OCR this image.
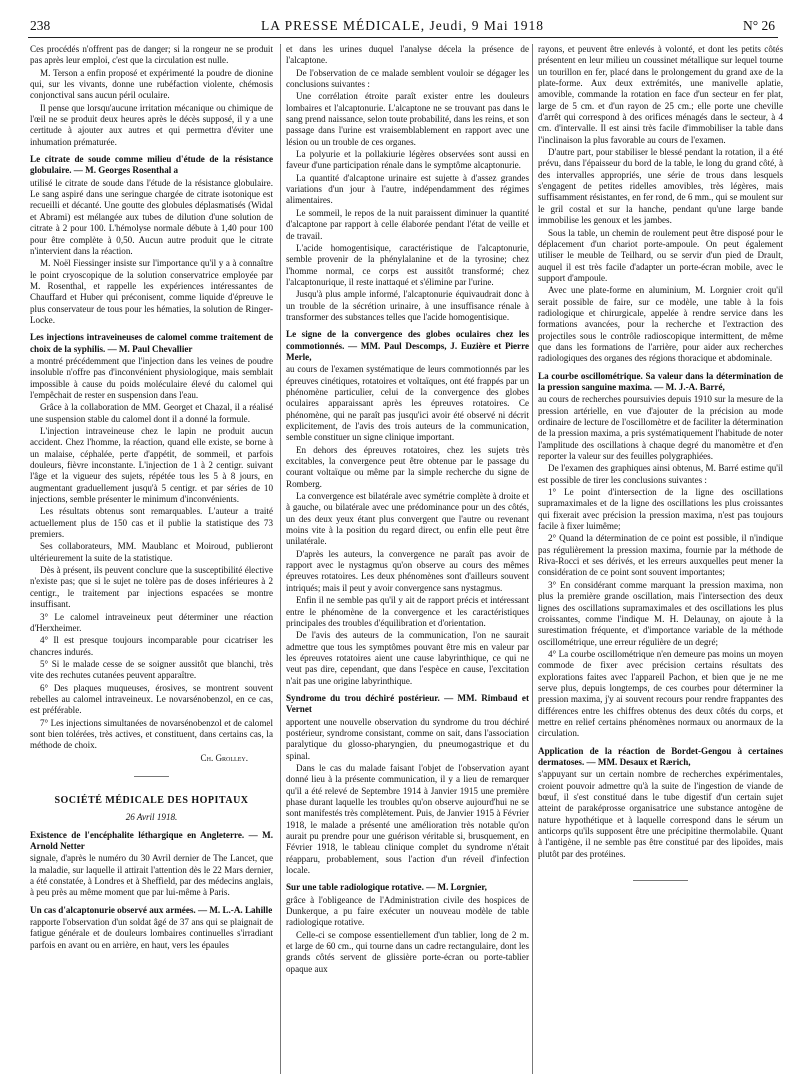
238	LA PRESSE MÉDICALE, Jeudi, 9 Mai 1918	N° 26

Ces procédés n'offrent pas de danger; si la rongeur ne se produit pas après leur emploi, c'est que la circulation est nulle.

M. Terson a enfin proposé et expérimenté la poudre de dionine qui, sur les vivants, donne une rubéfaction violente, chémosis conjonctival sans aucun péril oculaire.

Il pense que lorsqu'aucune irritation mécanique ou chimique de l'œil ne se produit deux heures après le décès supposé, il y a une certitude à ajouter aux autres et qui permettra d'éviter une inhumation prématurée.

Le citrate de soude comme milieu d'étude de la résistance globulaire. — M. Georges Rosenthal a

utilisé le citrate de soude dans l'étude de la résistance globulaire. Le sang aspiré dans une seringue chargée de citrate isotonique est recueilli et décanté. Une goutte des globules déplasmatisés (Widal et Abrami) est mélangée aux tubes de dilution d'une solution de citrate à 2 pour 100. L'hémolyse normale débute à 1,40 pour 100 pour être complète à 0,50. Aucun autre produit que le citrate n'intervient dans la réaction.

M. Noël Fiessinger insiste sur l'importance qu'il y a à connaître le point cryoscopique de la solution conservatrice employée par M. Rosenthal, et rappelle les expériences intéressantes de Chauffard et Huber qui préconisent, comme liquide d'épreuve le plus conservateur de tous pour les hématies, la solution de Ringer-Locke.

Les injections intraveineuses de calomel comme traitement de choix de la syphilis. — M. Paul Chevallier

a montré précédemment que l'injection dans les veines de poudre insoluble n'offre pas d'inconvénient physiologique, mais semblait impossible à cause du poids moléculaire élevé du calomel qui l'empêchait de rester en suspension dans l'eau.

Grâce à la collaboration de MM. Georget et Chazal, il a réalisé une suspension stable du calomel dont il a donné la formule.

L'injection intraveineuse chez le lapin ne produit aucun accident. Chez l'homme, la réaction, quand elle existe, se borne à un malaise, céphalée, perte d'appétit, de sommeil, et parfois douleurs, fièvre inconstante. L'injection de 1 à 2 centigr. suivant l'âge et la vigueur des sujets, répétée tous les 5 à 8 jours, en augmentant graduellement jusqu'à 5 centigr. et par séries de 10 injections, semble présenter le minimum d'inconvénients.

Les résultats obtenus sont remarquables. L'auteur a traité actuellement plus de 150 cas et il publie la statistique des 73 premiers.

Ses collaborateurs, MM. Maublanc et Moiroud, publieront ultérieurement la suite de la statistique.

Dès à présent, ils peuvent conclure que la susceptibilité élective n'existe pas; que si le sujet ne tolère pas de doses inférieures à 2 centigr., le traitement par injections espacées se montre insuffisant.

3° Le calomel intraveineux peut déterminer une réaction d'Herxheimer.

4° Il est presque toujours incomparable pour cicatriser les chancres indurés.

5° Si le malade cesse de se soigner aussitôt que blanchi, très vite des rechutes cutanées peuvent apparaître.

6° Des plaques muqueuses, érosives, se montrent souvent rebelles au calomel intraveineux. Le novarsénobenzol, en ce cas, est préférable.

7° Les injections simultanées de novarsénobenzol et de calomel sont bien tolérées, très actives, et constituent, dans certains cas, la méthode de choix.

Ch. Grolley.

SOCIÉTÉ MÉDICALE DES HOPITAUX

26 Avril 1918.

Existence de l'encéphalite léthargique en Angleterre. — M. Arnold Netter

signale, d'après le numéro du 30 Avril dernier de The Lancet, que la maladie, sur laquelle il attirait l'attention dès le 22 Mars dernier, a été constatée, à Londres et à Sheffield, par des médecins anglais, à peu près au même moment que par lui-même à Paris.

Un cas d'alcaptonurie observé aux armées. — M. L.-A. Lahille

rapporte l'observation d'un soldat âgé de 37 ans qui se plaignait de fatigue générale et de douleurs lombaires continuelles s'irradiant parfois en avant ou en arrière, en haut, vers les épaules

et dans les urines duquel l'analyse décela la présence de l'alcaptone.

De l'observation de ce malade semblent vouloir se dégager les conclusions suivantes :

Une corrélation étroite paraît exister entre les douleurs lombaires et l'alcaptonurie. L'alcaptone ne se trouvant pas dans le sang prend naissance, selon toute probabilité, dans les reins, et son passage dans l'urine est vraisemblablement en rapport avec une lésion ou un trouble de ces organes.

La polyurie et la pollakiurie légères observées sont aussi en faveur d'une participation rénale dans le symptôme alcaptonurie.

La quantité d'alcaptone urinaire est sujette à d'assez grandes variations d'un jour à l'autre, indépendamment des régimes alimentaires.

Le sommeil, le repos de la nuit paraissent diminuer la quantité d'alcaptone par rapport à celle élaborée pendant l'état de veille et de travail.

L'acide homogentisique, caractéristique de l'alcaptonurie, semble provenir de la phénylalanine et de la tyrosine; chez l'homme normal, ce corps est aussitôt transformé; chez l'alcaptonurique, il reste inattaqué et s'élimine par l'urine.

Jusqu'à plus ample informé, l'alcaptonurie équivaudrait donc à un trouble de la sécrétion urinaire, à une insuffisance rénale à transformer des substances telles que l'acide homogentisique.

Le signe de la convergence des globes oculaires chez les commotionnés. — MM. Paul Descomps, J. Euzière et Pierre Merle,

au cours de l'examen systématique de leurs commotionnés par les épreuves cinétiques, rotatoires et voltaïques, ont été frappés par un phénomène particulier, celui de la convergence des globes oculaires apparaissant après les épreuves rotatoires. Ce phénomène, qui ne paraît pas jusqu'ici avoir été observé ni décrit explicitement, de l'avis des trois auteurs de la communication, semble constituer un signe clinique important.

En dehors des épreuves rotatoires, chez les sujets très excitables, la convergence peut être obtenue par le passage du courant voltaïque ou même par la simple recherche du signe de Romberg.

La convergence est bilatérale avec symétrie complète à droite et à gauche, ou bilatérale avec une prédominance pour un des côtés, un des deux yeux étant plus convergent que l'autre ou revenant moins vite à la position du regard direct, ou enfin elle peut être unilatérale.

D'après les auteurs, la convergence ne paraît pas avoir de rapport avec le nystagmus qu'on observe au cours des mêmes épreuves rotatoires. Les deux phénomènes sont d'ailleurs souvent intriqués; mais il peut y avoir convergence sans nystagmus.

Enfin il ne semble pas qu'il y ait de rapport précis et intéressant entre le phénomène de la convergence et les caractéristiques principales des troubles d'équilibration et d'orientation.

De l'avis des auteurs de la communication, l'on ne saurait admettre que tous les symptômes pouvant être mis en valeur par les épreuves rotatoires aient une cause labyrinthique, ce qui ne veut pas dire, cependant, que dans l'espèce en cause, l'excitation n'ait pas une origine labyrinthique.

Syndrome du trou déchiré postérieur. — MM. Rimbaud et Vernet

apportent une nouvelle observation du syndrome du trou déchiré postérieur, syndrome consistant, comme on sait, dans l'association paralytique du glosso-pharyngien, du pneumogastrique et du spinal.

Dans le cas du malade faisant l'objet de l'observation ayant donné lieu à la présente communication, il y a lieu de remarquer qu'il a été relevé de Septembre 1914 à Janvier 1915 une première phase durant laquelle les troubles qu'on observe aujourd'hui ne se sont manifestés très complètement. Puis, de Janvier 1915 à Février 1918, le malade a présenté une amélioration très notable qu'on aurait pu prendre pour une guérison véritable si, brusquement, en Février 1918, le tableau clinique complet du syndrome n'était réapparu, probablement, sous l'action d'un réveil d'infection locale.

Sur une table radiologique rotative. — M. Lorgnier,

grâce à l'obligeance de l'Administration civile des hospices de Dunkerque, a pu faire exécuter un nouveau modèle de table radiologique rotative.

Celle-ci se compose essentiellement d'un tablier, long de 2 m. et large de 60 cm., qui tourne dans un cadre rectangulaire, dont les grands côtés servent de glissière porte-écran ou porte-tablier opaque aux

rayons, et peuvent être enlevés à volonté, et dont les petits côtés présentent en leur milieu un coussinet métallique sur lequel tourne un tourillon en fer, placé dans le prolongement du grand axe de la plate-forme. Aux deux extrémités, une manivelle aplatie, amovible, commande la rotation en face d'un secteur en fer plat, large de 5 cm. et d'un rayon de 25 cm.; elle porte une cheville d'arrêt qui correspond à des orifices ménagés dans le secteur, à 4 cm. d'intervalle. Il est ainsi très facile d'immobiliser la table dans l'inclinaison la plus favorable au cours de l'examen.

D'autre part, pour stabiliser le blessé pendant la rotation, il a été prévu, dans l'épaisseur du bord de la table, le long du grand côté, à des intervalles appropriés, une série de trous dans lesquels s'engagent de petites ridelles amovibles, très légères, mais suffisamment résistantes, en fer rond, de 6 mm., qui se moulent sur le gril costal et sur la hanche, pendant qu'une large bande immobilise les genoux et les jambes.

Sous la table, un chemin de roulement peut être disposé pour le déplacement d'un chariot porte-ampoule. On peut également utiliser le meuble de Teilhard, ou se servir d'un pied de Drault, auquel il est très facile d'adapter un porte-écran mobile, avec le support d'ampoule.

Avec une plate-forme en aluminium, M. Lorgnier croit qu'il serait possible de faire, sur ce modèle, une table à la fois radiologique et chirurgicale, appelée à rendre service dans les formations avancées, pour la recherche et l'extraction des projectiles sous le contrôle radioscopique intermittent, de même que dans les formations de l'arrière, pour aider aux recherches radiologiques des organes des régions thoracique et abdominale.

La courbe oscillométrique. Sa valeur dans la détermination de la pression sanguine maxima. — M. J.-A. Barré,

au cours de recherches poursuivies depuis 1910 sur la mesure de la pression artérielle, en vue d'ajouter de la précision au mode ordinaire de lecture de l'oscillomètre et de faciliter la détermination de la pression maxima, a pris systématiquement l'habitude de noter l'amplitude des oscillations à chaque degré du manomètre et d'en reporter la valeur sur des feuilles polygraphiées.

De l'examen des graphiques ainsi obtenus, M. Barré estime qu'il est possible de tirer les conclusions suivantes :

1° Le point d'intersection de la ligne des oscillations supramaximales et de la ligne des oscillations les plus croissantes qui fixerait avec précision la pression maxima, n'est pas toujours facile à fixer luimême;

2° Quand la détermination de ce point est possible, il n'indique pas régulièrement la pression maxima, fournie par la méthode de Riva-Rocci et ses dérivés, et les erreurs auxquelles peut mener la considération de ce point sont souvent importantes;

3° En considérant comme marquant la pression maxima, non plus la première grande oscillation, mais l'intersection des deux lignes des oscillations supramaximales et des oscillations les plus croissantes, comme l'indique M. H. Delaunay, on ajoute à la surestimation fréquente, et d'importance variable de la méthode oscillométrique, une erreur régulière de un degré;

4° La courbe oscillométrique n'en demeure pas moins un moyen commode de fixer avec précision certains résultats des explorations faites avec l'appareil Pachon, et bien que je ne me serve plus, depuis longtemps, de ces courbes pour déterminer la pression maxima, j'y ai souvent recours pour rendre frappantes des différences entre les chiffres obtenus des deux côtés du corps, et mettre en relief certains phénomènes normaux ou anormaux de la circulation.

Application de la réaction de Bordet-Gengou à certaines dermatoses. — MM. Desaux et Rærich,

s'appuyant sur un certain nombre de recherches expérimentales, croient pouvoir admettre qu'à la suite de l'ingestion de viande de bœuf, il s'est constitué dans le tube digestif d'un certain sujet atteint de paraképrosse organisatrice une substance antogène de nature hypothétique et à laquelle correspond dans le sérum un anticorps qu'ils supposent être une précipitine thermolabile. Quant à l'antigène, il ne semble pas être constitué par des lipoïdes, mais plutôt par des protéines.
